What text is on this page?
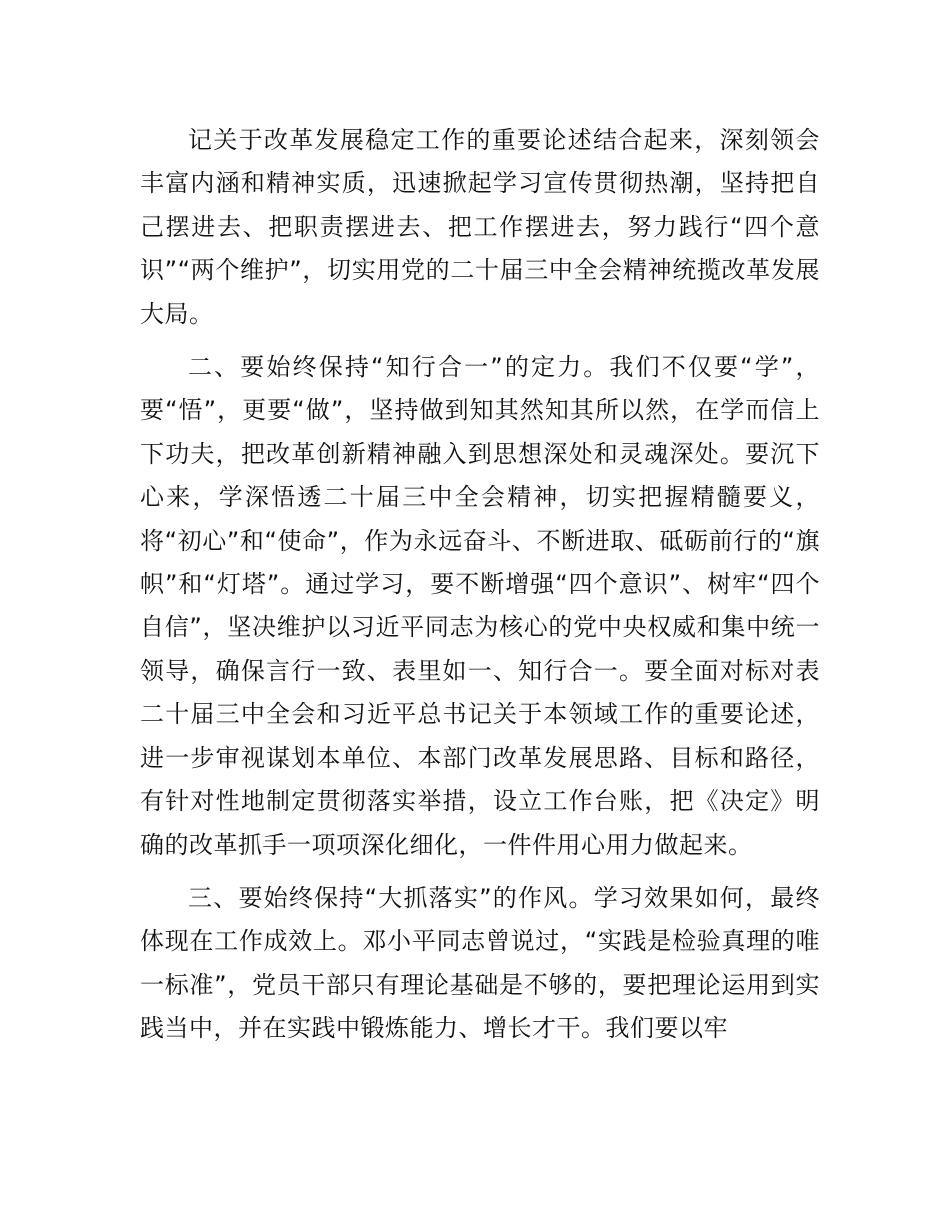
记关于改革发展稳定工作的重要论述结合起来，深刻领会丰富内涵和精神实质，迅速掀起学习宣传贯彻热潮，坚持把自己摆进去、把职责摆进去、把工作摆进去，努力践行“四个意识”“两个维护”，切实用党的二十届三中全会精神统揽改革发展大局。

二、要始终保持“知行合一”的定力。我们不仅要“学”，要“悟”，更要“做”，坚持做到知其然知其所以然，在学而信上下功夫，把改革创新精神融入到思想深处和灵魂深处。要沉下心来，学深悟透二十届三中全会精神，切实把握精髓要义，将“初心”和“使命”，作为永远奋斗、不断进取、砥砺前行的“旗帜”和“灯塔”。通过学习，要不断增强“四个意识”、树牢“四个自信”，坚决维护以习近平同志为核心的党中央权威和集中统一领导，确保言行一致、表里如一、知行合一。要全面对标对表二十届三中全会和习近平总书记关于本领域工作的重要论述，进一步审视谋划本单位、本部门改革发展思路、目标和路径，有针对性地制定贯彻落实举措，设立工作台账，把《决定》明确的改革抓手一项项深化细化，一件件用心用力做起来。

三、要始终保持“大抓落实”的作风。学习效果如何，最终体现在工作成效上。邓小平同志曾说过，“实践是检验真理的唯一标准”，党员干部只有理论基础是不够的，要把理论运用到实践当中，并在实践中锻炼能力、增长才干。我们要以牢
